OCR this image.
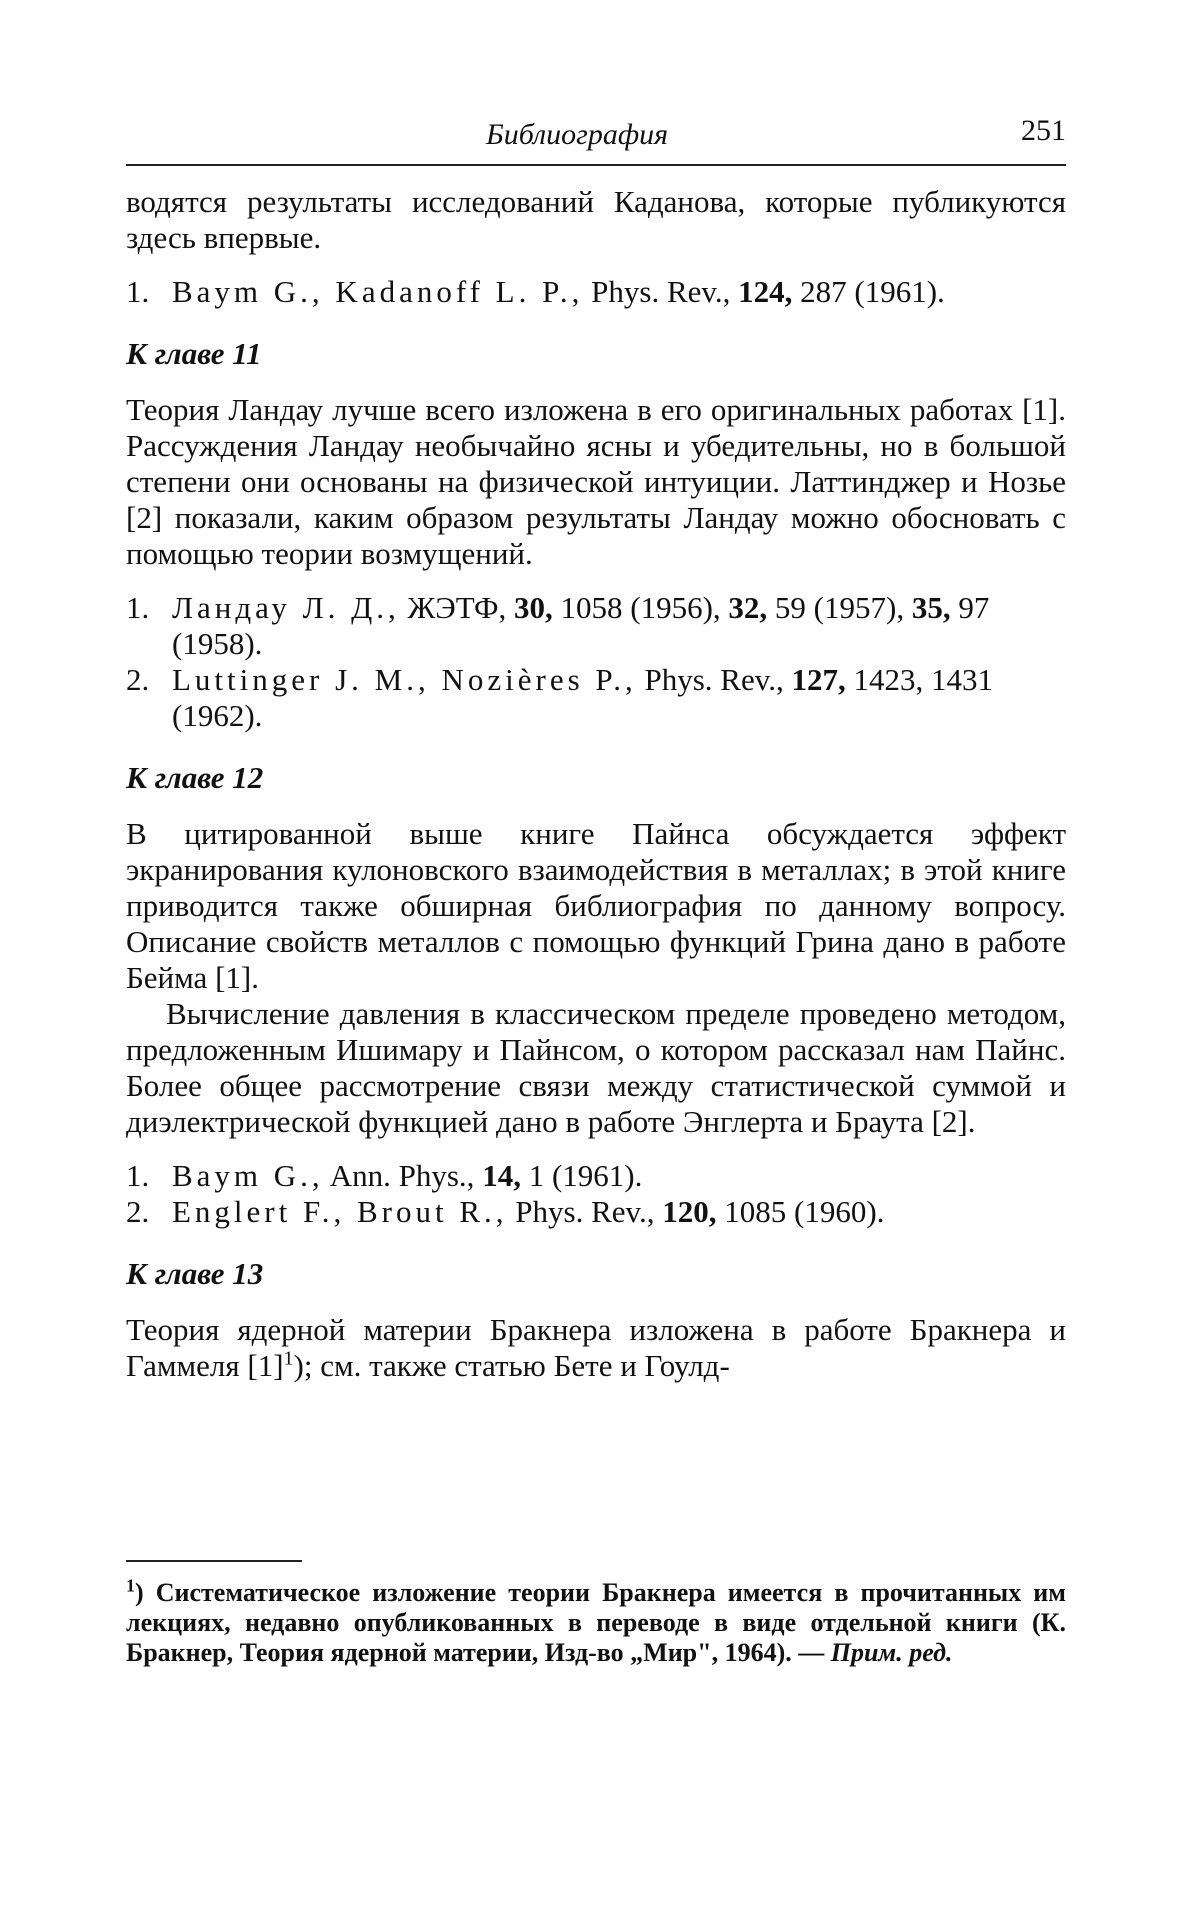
Библиография	251

водятся результаты исследований Каданова, которые публикуются здесь впервые.

1. Baym G., Kadanoff L. P., Phys. Rev., 124, 287 (1961).
К главе 11

Теория Ландау лучше всего изложена в его оригинальных работах [1]. Рассуждения Ландау необычайно ясны и убедительны, но в большой степени они основаны на физической интуиции. Латтинджер и Нозье [2] показали, каким образом результаты Ландау можно обосновать с помощью теории возмущений.

1. Ландау Л. Д., ЖЭТФ, 30, 1058 (1956), 32, 59 (1957), 35, 97 (1958).
2. Luttinger J. M., Nozières P., Phys. Rev., 127, 1423, 1431 (1962).
К главе 12

В цитированной выше книге Пайнса обсуждается эффект экранирования кулоновского взаимодействия в металлах; в этой книге приводится также обширная библиография по данному вопросу. Описание свойств металлов с помощью функций Грина дано в работе Бейма [1].

Вычисление давления в классическом пределе проведено методом, предложенным Ишимару и Пайнсом, о котором рассказал нам Пайнс. Более общее рассмотрение связи между статистической суммой и диэлектрической функцией дано в работе Энглерта и Браута [2].

1. Baym G., Ann. Phys., 14, 1 (1961).
2. Englert F., Brout R., Phys. Rev., 120, 1085 (1960).
К главе 13

Теория ядерной материи Бракнера изложена в работе Бракнера и Гаммеля $[1]^1$); см. также статью Бете и Гоулд-

$^1$) Систематическое изложение теории Бракнера имеется в прочитанных им лекциях, недавно опубликованных в переводе в виде отдельной книги (К. Бракнер, Теория ядерной материи, Изд-во „Мир", 1964). — Прим. ред.
